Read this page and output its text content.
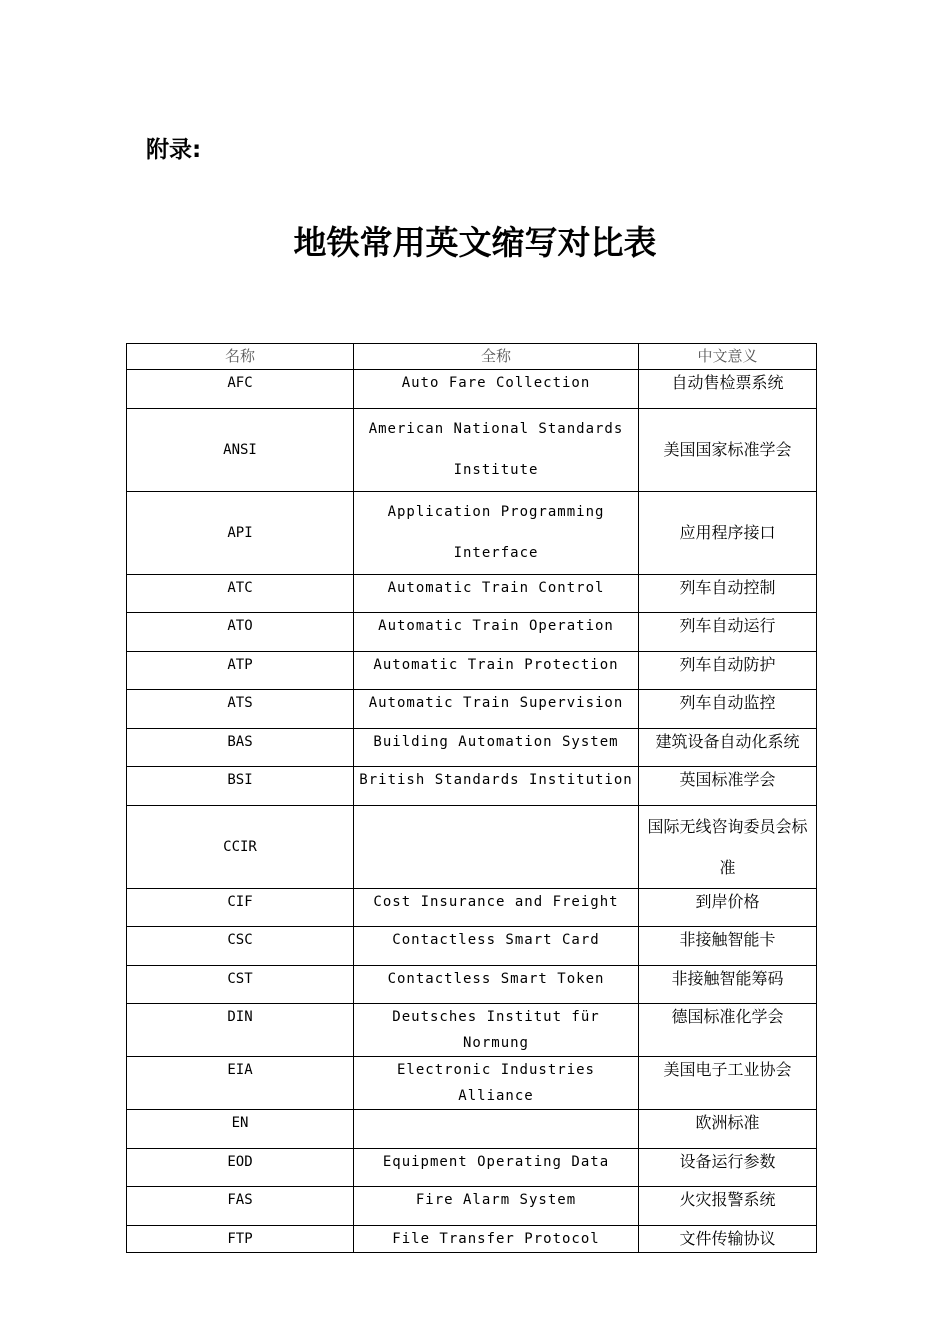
附录:
地铁常用英文缩写对比表
名称	全称	中文意义
AFC	Auto Fare Collection	自动售检票系统
ANSI	American National Standards Institute	美国国家标准学会
API	Application Programming Interface	应用程序接口
ATC	Automatic Train Control	列车自动控制
ATO	Automatic Train Operation	列车自动运行
ATP	Automatic Train Protection	列车自动防护
ATS	Automatic Train Supervision	列车自动监控
BAS	Building Automation System	建筑设备自动化系统
BSI	British Standards Institution	英国标准学会
CCIR		国际无线咨询委员会标准
CIF	Cost Insurance and Freight	到岸价格
CSC	Contactless Smart Card	非接触智能卡
CST	Contactless Smart Token	非接触智能筹码
DIN	Deutsches Institut für Normung	德国标准化学会
EIA	Electronic Industries Alliance	美国电子工业协会
EN		欧洲标准
EOD	Equipment Operating Data	设备运行参数
FAS	Fire Alarm System	火灾报警系统
FTP	File Transfer Protocol	文件传输协议
